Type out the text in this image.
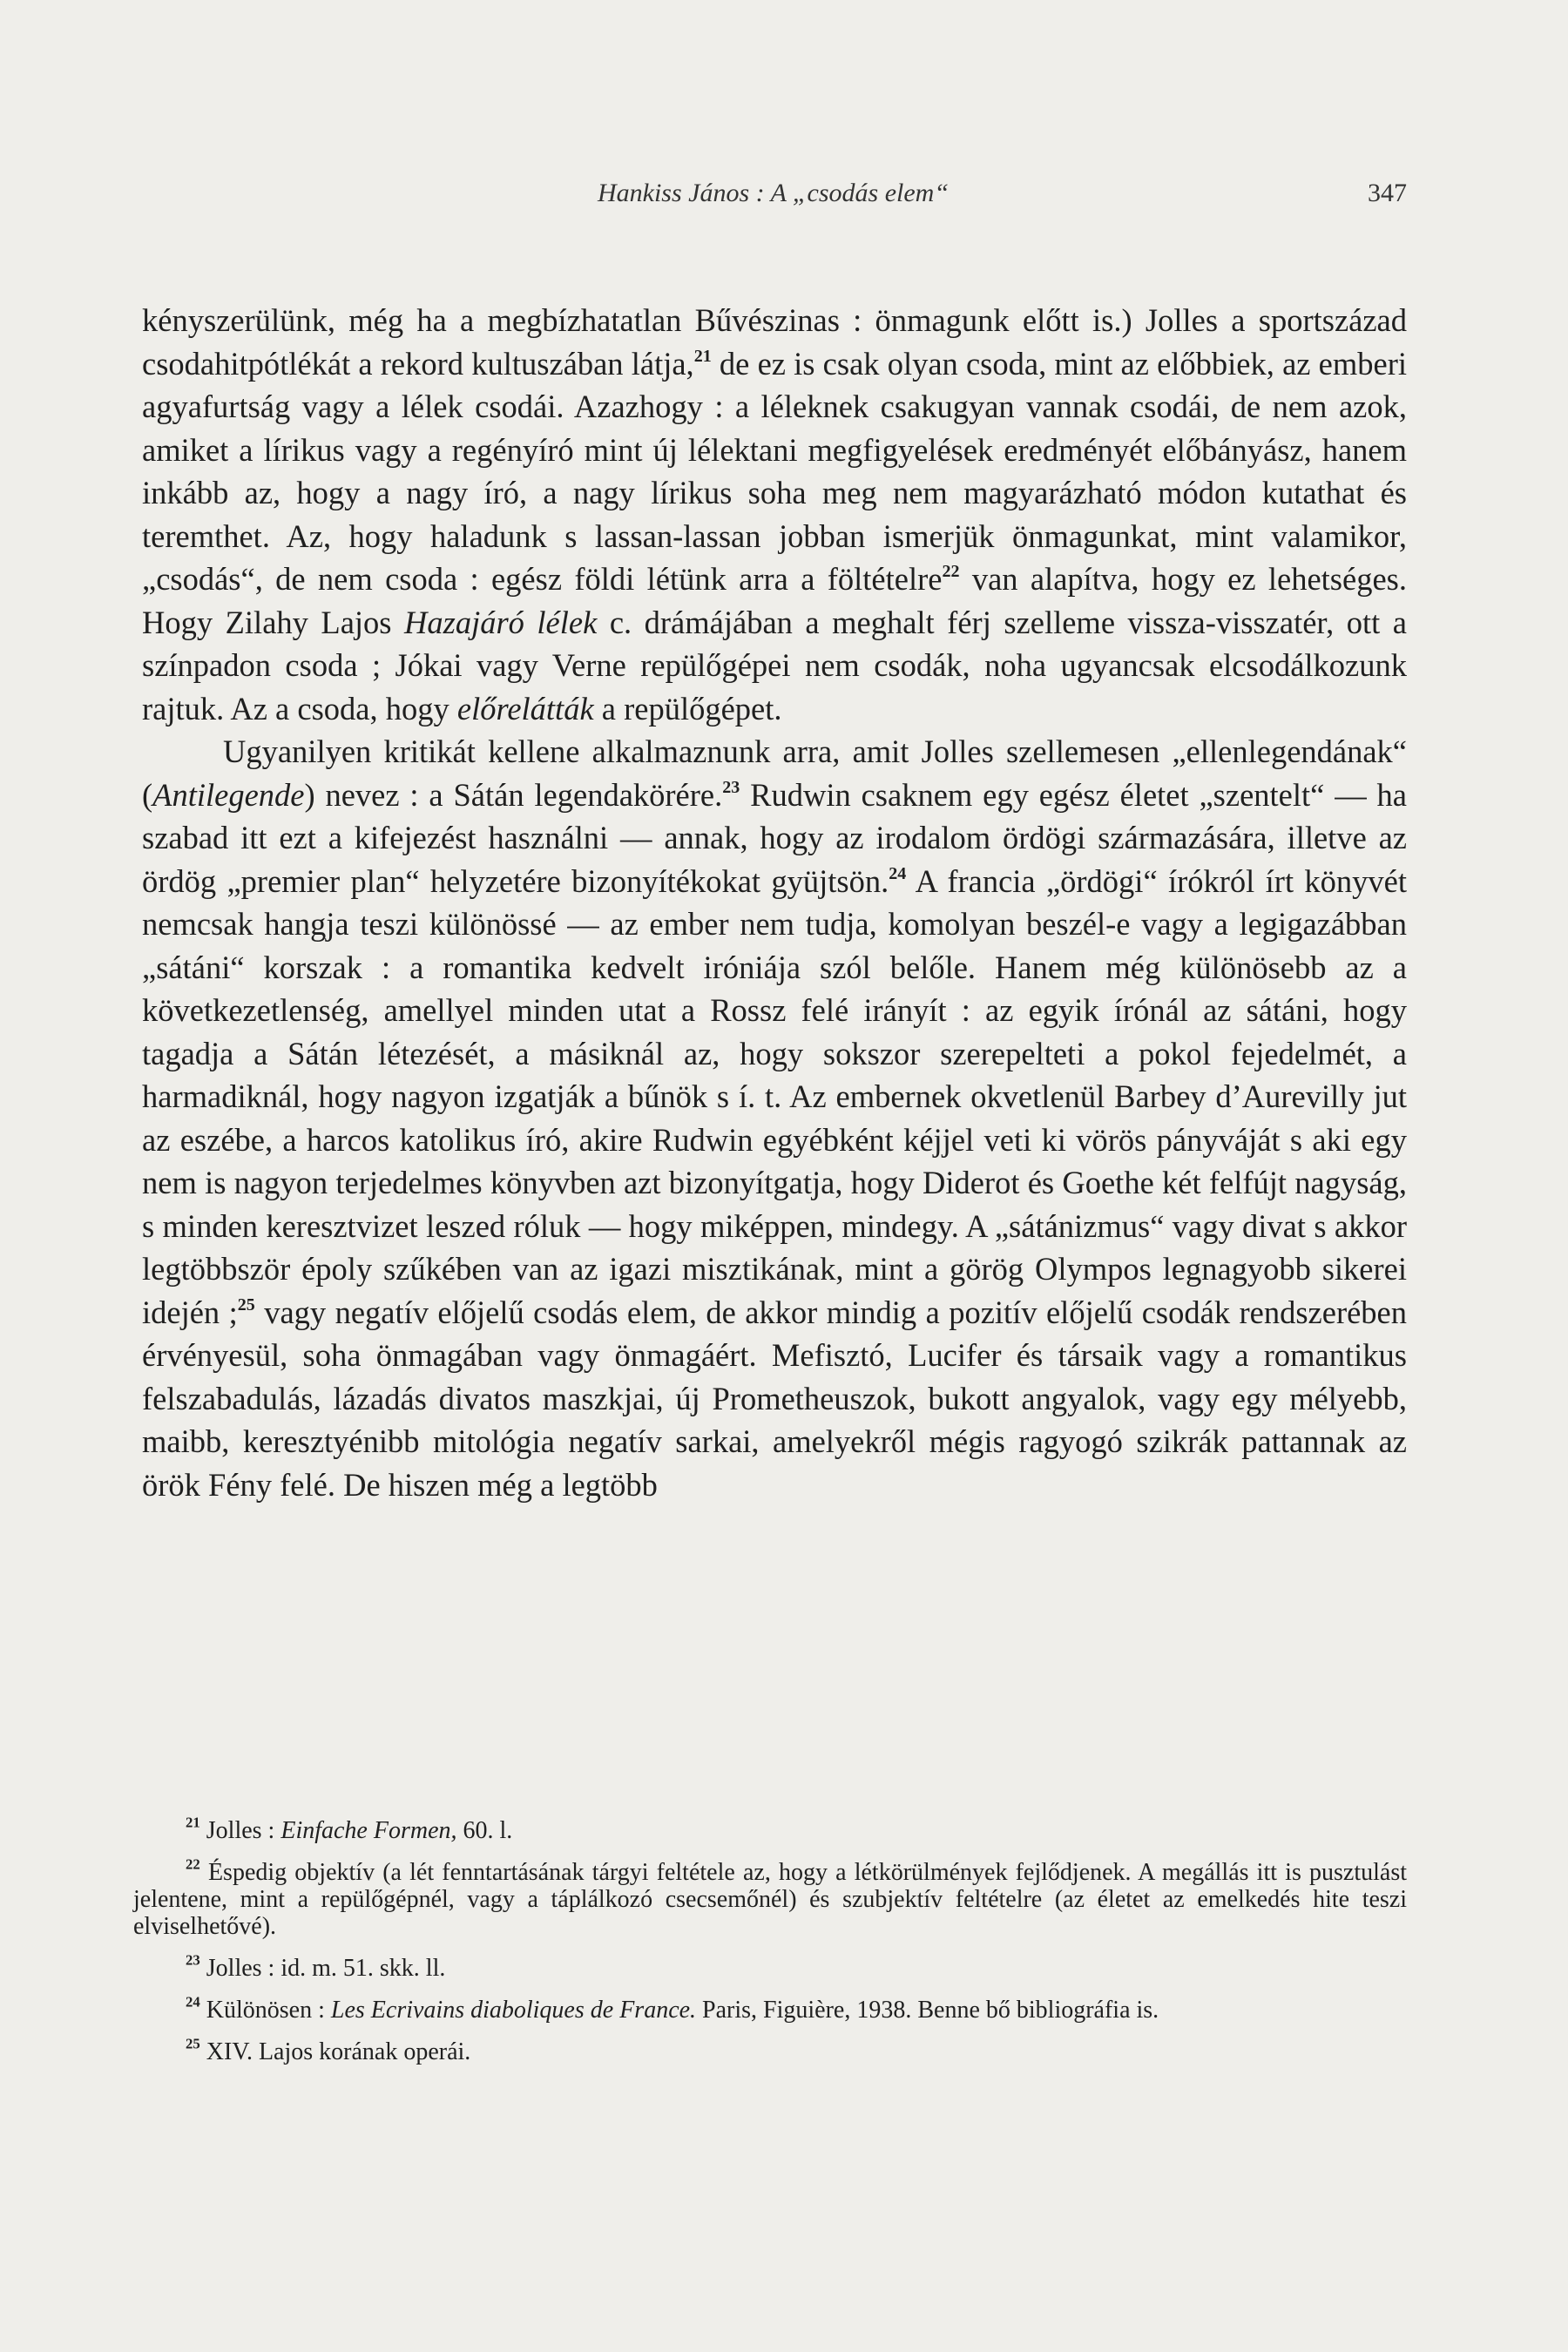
Hankiss János : A „csodás elem“	347

kényszerülünk, még ha a megbízhatatlan Bűvészinas : önmagunk előtt is.) Jolles a sportszázad csodahitpótlékát a rekord kultuszában látja,$^{21}$ de ez is csak olyan csoda, mint az előbbiek, az emberi agyafurtság vagy a lélek csodái. Azazhogy : a léleknek csakugyan vannak csodái, de nem azok, amiket a lírikus vagy a regényíró mint új lélektani megfigyelések eredményét előbányász, hanem inkább az, hogy a nagy író, a nagy lírikus soha meg nem magyarázható módon kutathat és teremthet. Az, hogy haladunk s lassan-lassan jobban ismerjük önmagunkat, mint valamikor, „csodás“, de nem csoda : egész földi létünk arra a föltételre$^{22}$ van alapítva, hogy ez lehetséges. Hogy Zilahy Lajos Hazajáró lélek c. drámájában a meghalt férj szelleme vissza-visszatér, ott a színpadon csoda ; Jókai vagy Verne repülőgépei nem csodák, noha ugyancsak elcsodálkozunk rajtuk. Az a csoda, hogy előrelátták a repülőgépet.

Ugyanilyen kritikát kellene alkalmaznunk arra, amit Jolles szellemesen „ellenlegendának“ (Antilegende) nevez : a Sátán legendakörére.$^{23}$ Rudwin csaknem egy egész életet „szentelt“ — ha szabad itt ezt a kifejezést használni — annak, hogy az irodalom ördögi származására, illetve az ördög „premier plan“ helyzetére bizonyítékokat gyüjtsön.$^{24}$ A francia „ördögi“ írókról írt könyvét nemcsak hangja teszi különössé — az ember nem tudja, komolyan beszél-e vagy a legigazábban „sátáni“ korszak : a romantika kedvelt iróniája szól belőle. Hanem még különösebb az a következetlenség, amellyel minden utat a Rossz felé irányít : az egyik írónál az sátáni, hogy tagadja a Sátán létezését, a másiknál az, hogy sokszor szerepelteti a pokol fejedelmét, a harmadiknál, hogy nagyon izgatják a bűnök s í. t. Az embernek okvetlenül Barbey d’Aurevilly jut az eszébe, a harcos katolikus író, akire Rudwin egyébként kéjjel veti ki vörös pányváját s aki egy nem is nagyon terjedelmes könyvben azt bizonyítgatja, hogy Diderot és Goethe két felfújt nagyság, s minden keresztvizet leszed róluk — hogy miképpen, mindegy. A „sátánizmus“ vagy divat s akkor legtöbbször époly szűkében van az igazi misztikának, mint a görög Olympos legnagyobb sikerei idején ;$^{25}$ vagy negatív előjelű csodás elem, de akkor mindig a pozitív előjelű csodák rendszerében érvényesül, soha önmagában vagy önmagáért. Mefisztó, Lucifer és társaik vagy a romantikus felszabadulás, lázadás divatos maszkjai, új Prometheuszok, bukott angyalok, vagy egy mélyebb, maibb, keresztyénibb mitológia negatív sarkai, amelyekről mégis ragyogó szikrák pattannak az örök Fény felé. De hiszen még a legtöbb

$^{21}$ Jolles : Einfache Formen, 60. l.

$^{22}$ Éspedig objektív (a lét fenntartásának tárgyi feltétele az, hogy a létkörülmények fejlődjenek. A megállás itt is pusztulást jelentene, mint a repülőgépnél, vagy a táplálkozó csecsemőnél) és szubjektív feltételre (az életet az emelkedés hite teszi elviselhetővé).

$^{23}$ Jolles : id. m. 51. skk. ll.

$^{24}$ Különösen : Les Ecrivains diaboliques de France. Paris, Figuière, 1938. Benne bő bibliográfia is.

$^{25}$ XIV. Lajos korának operái.
